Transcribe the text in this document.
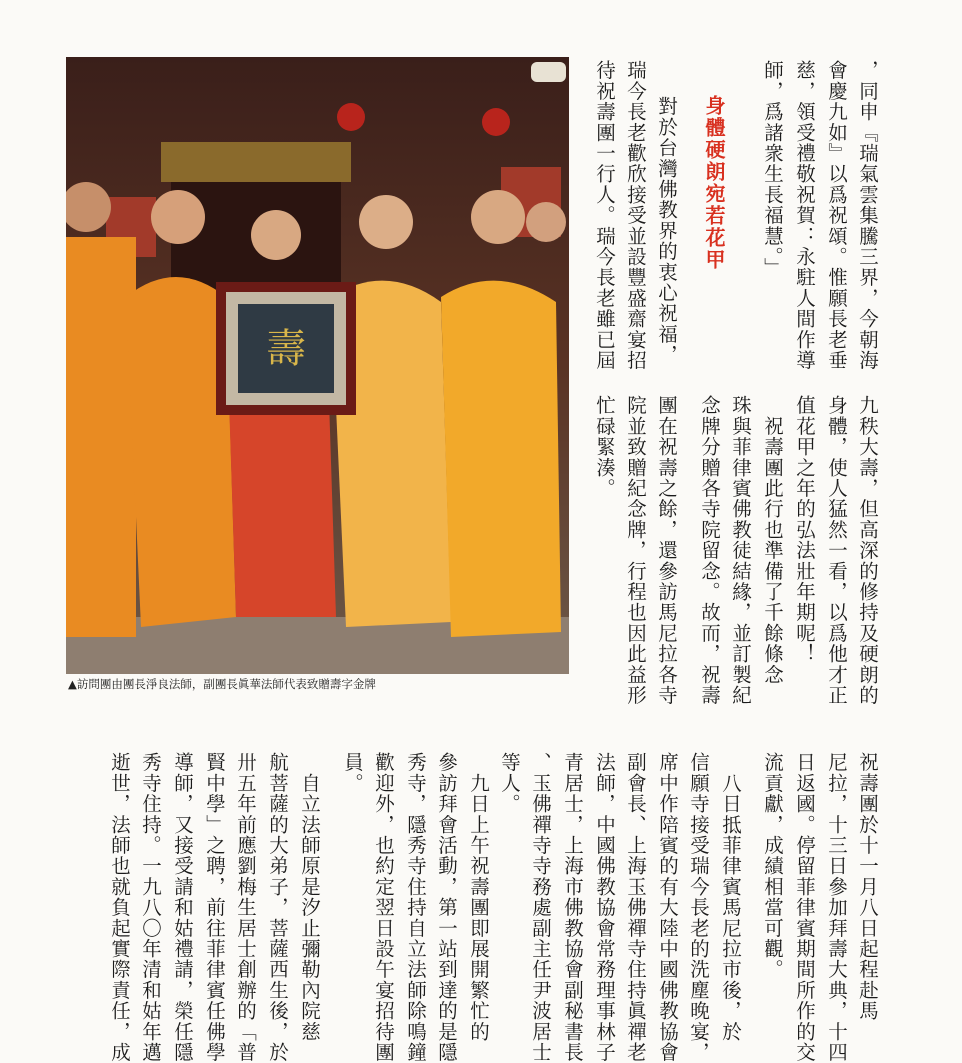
，同申『瑞氣雲集騰三界，今朝海
會慶九如』以爲祝頌。惟願長老垂
慈，領受禮敬祝賀：永駐人間作導
師，爲諸衆生長福慧。」
對於台灣佛教界的衷心祝福，
瑞今長老歡欣接受並設豐盛齋宴招
待祝壽團一行人。瑞今長老雖已屆	身體硬朗宛若花甲
九秩大壽，但高深的修持及硬朗的
身體，使人猛然一看，以爲他才正
值花甲之年的弘法壯年期呢！
　祝壽團此行也準備了千餘條念
珠與菲律賓佛教徒結緣，並訂製紀
念牌分贈各寺院留念。故而，祝壽
團在祝壽之餘，還參訪馬尼拉各寺
院並致贈紀念牌，行程也因此益形
忙碌緊湊。
壽
▲訪問團由團長淨良法師，副團長眞華法師代表致贈壽字金牌
祝壽團於十一月八日起程赴馬
尼拉，十三日參加拜壽大典，十四
日返國。停留菲律賓期間所作的交
流貢獻，成績相當可觀。
　八日抵菲律賓馬尼拉市後，於
信願寺接受瑞今長老的洗塵晚宴，
席中作陪賓的有大陸中國佛教協會
副會長、上海玉佛禪寺住持眞禪老
法師，中國佛教協會常務理事林子
青居士，上海市佛教協會副秘書長
、玉佛禪寺寺務處副主任尹波居士
等人。
　九日上午祝壽團即展開繁忙的
參訪拜會活動，第一站到達的是隱
秀寺，隱秀寺住持自立法師除鳴鐘
歡迎外，也約定翌日設午宴招待團
員。
　自立法師原是汐止彌勒內院慈
航菩薩的大弟子，菩薩西生後，於
卅五年前應劉梅生居士創辦的「普
賢中學」之聘，前往菲律賓任佛學
導師，又接受請和姑禮請，榮任隱
秀寺住持。一九八〇年清和姑年邁
逝世，法師也就負起實際責任，成
